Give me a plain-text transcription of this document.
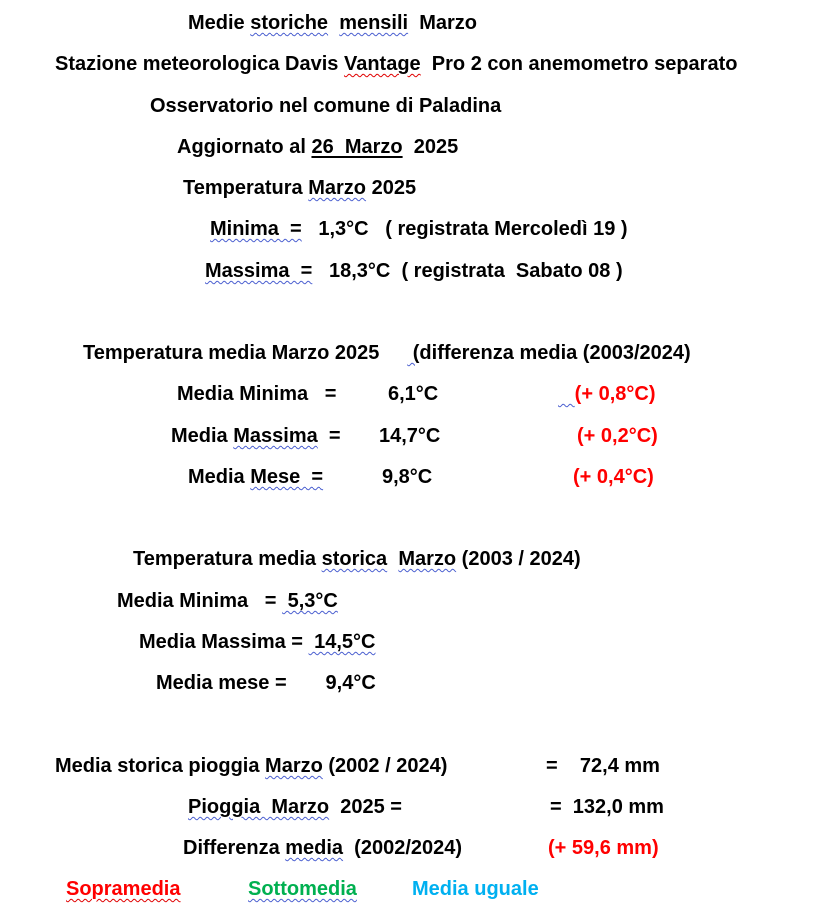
Medie storiche mensili  Marzo
Stazione meteorologica Davis Vantage  Pro 2 con anemometro separato
Osservatorio nel comune di Paladina
Aggiornato al 26  Marzo  2025
Temperatura Marzo 2025
Minima  =   1,3°C   ( registrata Mercoledì 19 )
Massima  =   18,3°C  ( registrata  Sabato 08 )
Temperatura media Marzo 2025      (differenza media (2003/2024)
Media Minima   =	6,1°C	​   (+ 0,8°C)
Media Massima  = 14,7°C	(+ 0,2°C)
Media Mese  =	9,8°C	(+ 0,4°C)
Temperatura media storica Marzo (2003 / 2024)
Media Minima   =  5,3°C
Media Massima =  14,5°C
Media mese =       9,4°C
Media storica pioggia Marzo (2002 / 2024)	=    72,4 mm
Pioggia  Marzo  2025 =	=  132,0 mm
Differenza media  (2002/2024)	(+ 59,6 mm)
Sopramedia	Sottomedia	Media uguale
